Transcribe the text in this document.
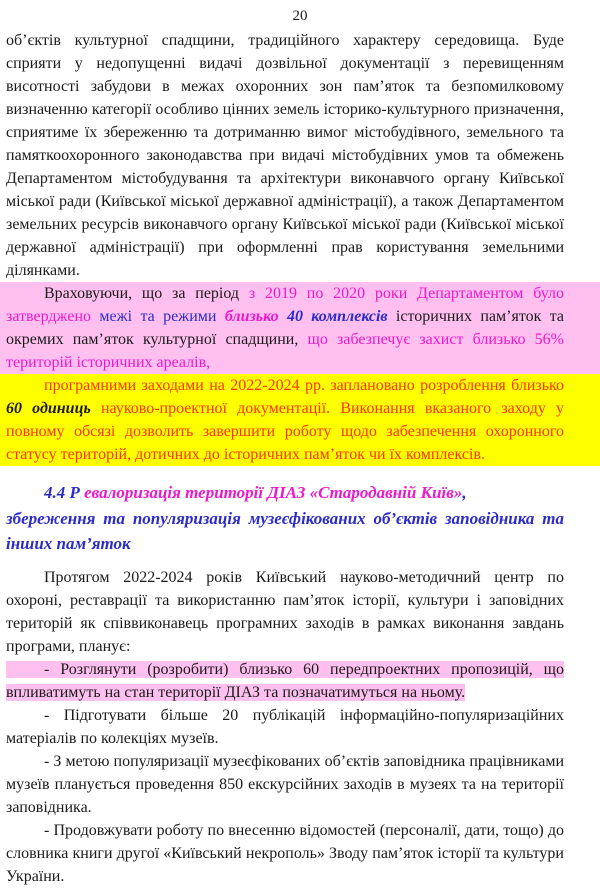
20

об’єктів культурної спадщини, традиційного характеру середовища. Буде сприяти у недопущенні видачі дозвільної документації з перевищенням висотності забудови в межах охоронних зон пам’яток та безпомилковому визначенню категорії особливо цінних земель історико-культурного призначення, сприятиме їх збереженню та дотриманню вимог містобудівного, земельного та памяткоохоронного законодавства при видачі містобудівних умов та обмежень Департаментом містобудування та архітектури виконавчого органу Київської міської ради (Київської міської державної адміністрації), а також Департаментом земельних ресурсів виконавчого органу Київської міської ради (Київської міської державної адміністрації) при оформленні прав користування земельними ділянками.

Враховуючи, що за період з 2019 по 2020 роки Департаментом було затверджено межі та режими близько 40 комплексів історичних пам’яток та окремих пам’яток культурної спадщини, що забезпечує захист близько 56% територій історичних ареалів,

програмними заходами на 2022-2024 рр. заплановано розроблення близько 60 одиниць науково-проектної документації. Виконання вказаного заходу у повному обсязі дозволить завершити роботу щодо забезпечення охоронного статусу територій, дотичних до історичних пам’яток чи їх комплексів.

4.4 Р евалоризація території ДІАЗ «Стародавній Київ»,
збереження та популяризація музеєфікованих об’єктів заповідника та інших пам’яток

Протягом 2022-2024 років Київський науково-методичний центр по охороні, реставрації та використанню пам’яток історії, культури і заповідних територій як співвиконавець програмних заходів в рамках виконання завдань програми, планує:

- Розглянути (розробити) близько 60 передпроектних пропозицій, що впливатимуть на стан території ДІАЗ та позначатимуться на ньому.

- Підготувати більше 20 публікацій інформаційно-популяризаційних матеріалів по колекціях музеїв.

- З метою популяризації музеєфікованих об’єктів заповідника працівниками музеїв планується проведення 850 екскурсійних заходів в музеях та на території заповідника.

- Продовжувати роботу по внесенню відомостей (персоналії, дати, тощо) до словника книги другої «Київський некрополь» Зводу пам’яток історії та культури України.
